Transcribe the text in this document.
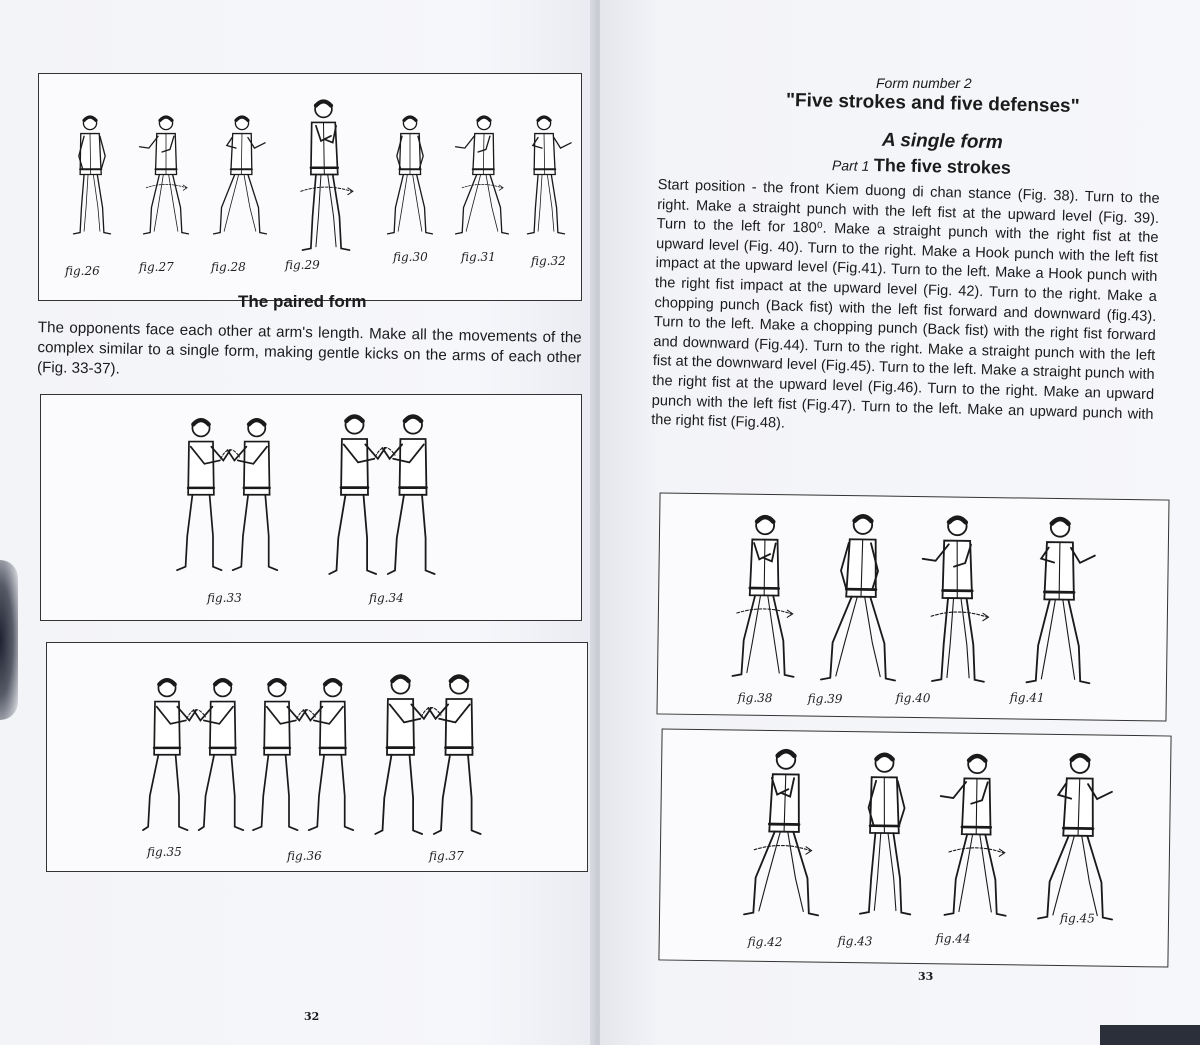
fig.26	fig.27	fig.28	fig.29
fig.30	fig.31	fig.32
The paired form

The opponents face each other at arm's length. Make all the movements of the complex similar to a single form, making gentle kicks on the arms of each other (Fig. 33-37).

fig.33	fig.34
fig.35	fig.36	fig.37
32
Form number 2
"Five strokes and five defenses"
A single form
Part 1 The five strokes

Start position - the front Kiem duong di chan stance (Fig. 38). Turn to the right. Make a straight punch with the left fist at the upward level (Fig. 39). Turn to the left for 180⁰. Make a straight punch with the right fist at the upward level (Fig. 40). Turn to the right. Make a Hook punch with the left fist impact at the upward level (Fig.41). Turn to the left. Make a Hook punch with the right fist impact at the upward level (Fig. 42). Turn to the right. Make a chopping punch (Back fist) with the left fist forward and downward (fig.43). Turn to the left. Make a chopping punch (Back fist) with the right fist forward and downward (Fig.44). Turn to the right. Make a straight punch with the left fist at the downward level (Fig.45). Turn to the left. Make a straight punch with the right fist at the upward level (Fig.46). Turn to the right. Make an upward punch with the left fist (Fig.47). Turn to the left. Make an upward punch with the right fist (Fig.48).

fig.38	fig.39	fig.40	fig.41
fig.42	fig.43	fig.44
fig.45
33
